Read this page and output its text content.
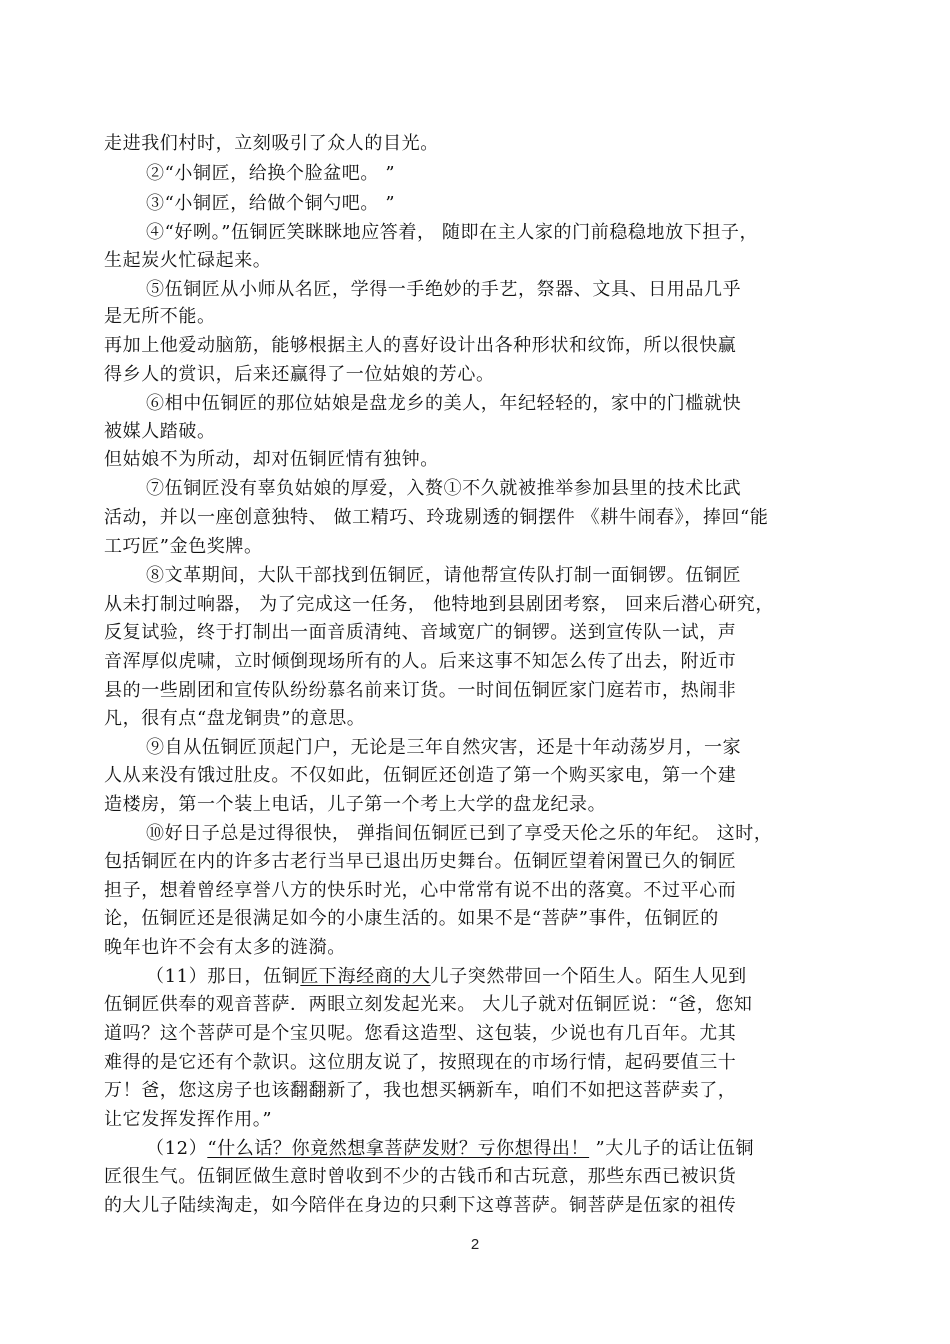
走进我们村时，立刻吸引了众人的目光。
②“小铜匠，给换个脸盆吧。 ”
③“小铜匠，给做个铜勺吧。 ”
④“好咧。”伍铜匠笑眯眯地应答着， 随即在主人家的门前稳稳地放下担子，
生起炭火忙碌起来。
⑤伍铜匠从小师从名匠，学得一手绝妙的手艺，祭器、文具、日用品几乎
是无所不能。
再加上他爱动脑筋，能够根据主人的喜好设计出各种形状和纹饰，所以很快赢
得乡人的赏识，后来还赢得了一位姑娘的芳心。
⑥相中伍铜匠的那位姑娘是盘龙乡的美人，年纪轻轻的，家中的门槛就快
被媒人踏破。
但姑娘不为所动，却对伍铜匠情有独钟。
⑦伍铜匠没有辜负姑娘的厚爱，入赘①不久就被推举参加县里的技术比武
活动，并以一座创意独特、 做工精巧、玲珑剔透的铜摆件 《耕牛闹春》，捧回“能
工巧匠”金色奖牌。
⑧文革期间，大队干部找到伍铜匠，请他帮宣传队打制一面铜锣。伍铜匠
从未打制过响器， 为了完成这一任务， 他特地到县剧团考察， 回来后潜心研究，
反复试验，终于打制出一面音质清纯、音域宽广的铜锣。送到宣传队一试，声
音浑厚似虎啸，立时倾倒现场所有的人。后来这事不知怎么传了出去，附近市
县的一些剧团和宣传队纷纷慕名前来订货。一时间伍铜匠家门庭若市，热闹非
凡，很有点“盘龙铜贵”的意思。
⑨自从伍铜匠顶起门户，无论是三年自然灾害，还是十年动荡岁月，一家
人从来没有饿过肚皮。不仅如此，伍铜匠还创造了第一个购买家电，第一个建
造楼房，第一个装上电话，儿子第一个考上大学的盘龙纪录。
⑩好日子总是过得很快， 弹指间伍铜匠已到了享受天伦之乐的年纪。 这时，
包括铜匠在内的许多古老行当早已退出历史舞台。伍铜匠望着闲置已久的铜匠
担子，想着曾经享誉八方的快乐时光，心中常常有说不出的落寞。不过平心而
论，伍铜匠还是很满足如今的小康生活的。如果不是“菩萨”事件，伍铜匠的
晚年也许不会有太多的涟漪。
（11）那日，伍铜匠下海经商的大儿子突然带回一个陌生人。陌生人见到
伍铜匠供奉的观音菩萨．两眼立刻发起光来。 大儿子就对伍铜匠说：“爸，您知
道吗？这个菩萨可是个宝贝呢。您看这造型、这包装，少说也有几百年。尤其
难得的是它还有个款识。这位朋友说了，按照现在的市场行情，起码要值三十
万！爸，您这房子也该翻翻新了，我也想买辆新车，咱们不如把这菩萨卖了，
让它发挥发挥作用。”
（12）“什么话？你竟然想拿菩萨发财？亏你想得出！ ”大儿子的话让伍铜
匠很生气。伍铜匠做生意时曾收到不少的古钱币和古玩意，那些东西已被识货
的大儿子陆续淘走，如今陪伴在身边的只剩下这尊菩萨。铜菩萨是伍家的祖传
2
